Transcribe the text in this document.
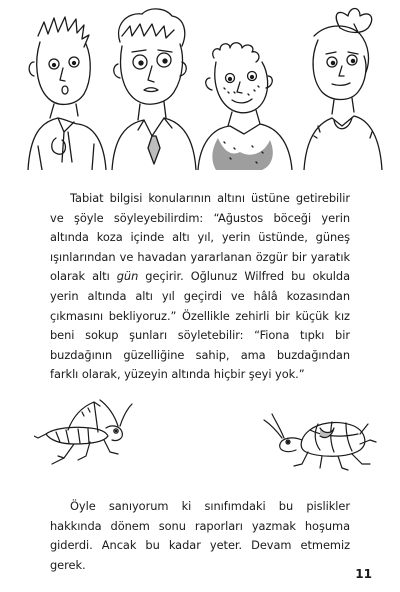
Tabiat bilgisi konularının altını üstüne getirebilir ve şöyle söyleyebilirdim: “Ağustos böceği yerin altında koza içinde altı yıl, yerin üstünde, güneş ışınlarından ve havadan yararlanan özgür bir yaratık olarak altı gün geçirir. Oğlunuz Wilfred bu okulda yerin altında altı yıl geçirdi ve hâlâ kozasından çıkmasını bekliyoruz.” Özellikle zehirli bir küçük kız beni sokup şunları söyletebilir: “Fiona tıpkı bir buzdağının güzelliğine sahip, ama buzdağından farklı olarak, yüzeyin altında hiçbir şeyi yok.”

Öyle sanıyorum ki sınıfımdaki bu pislikler hakkında dönem sonu raporları yazmak hoşuma giderdi. Ancak bu kadar yeter. Devam etmemiz gerek.

11
